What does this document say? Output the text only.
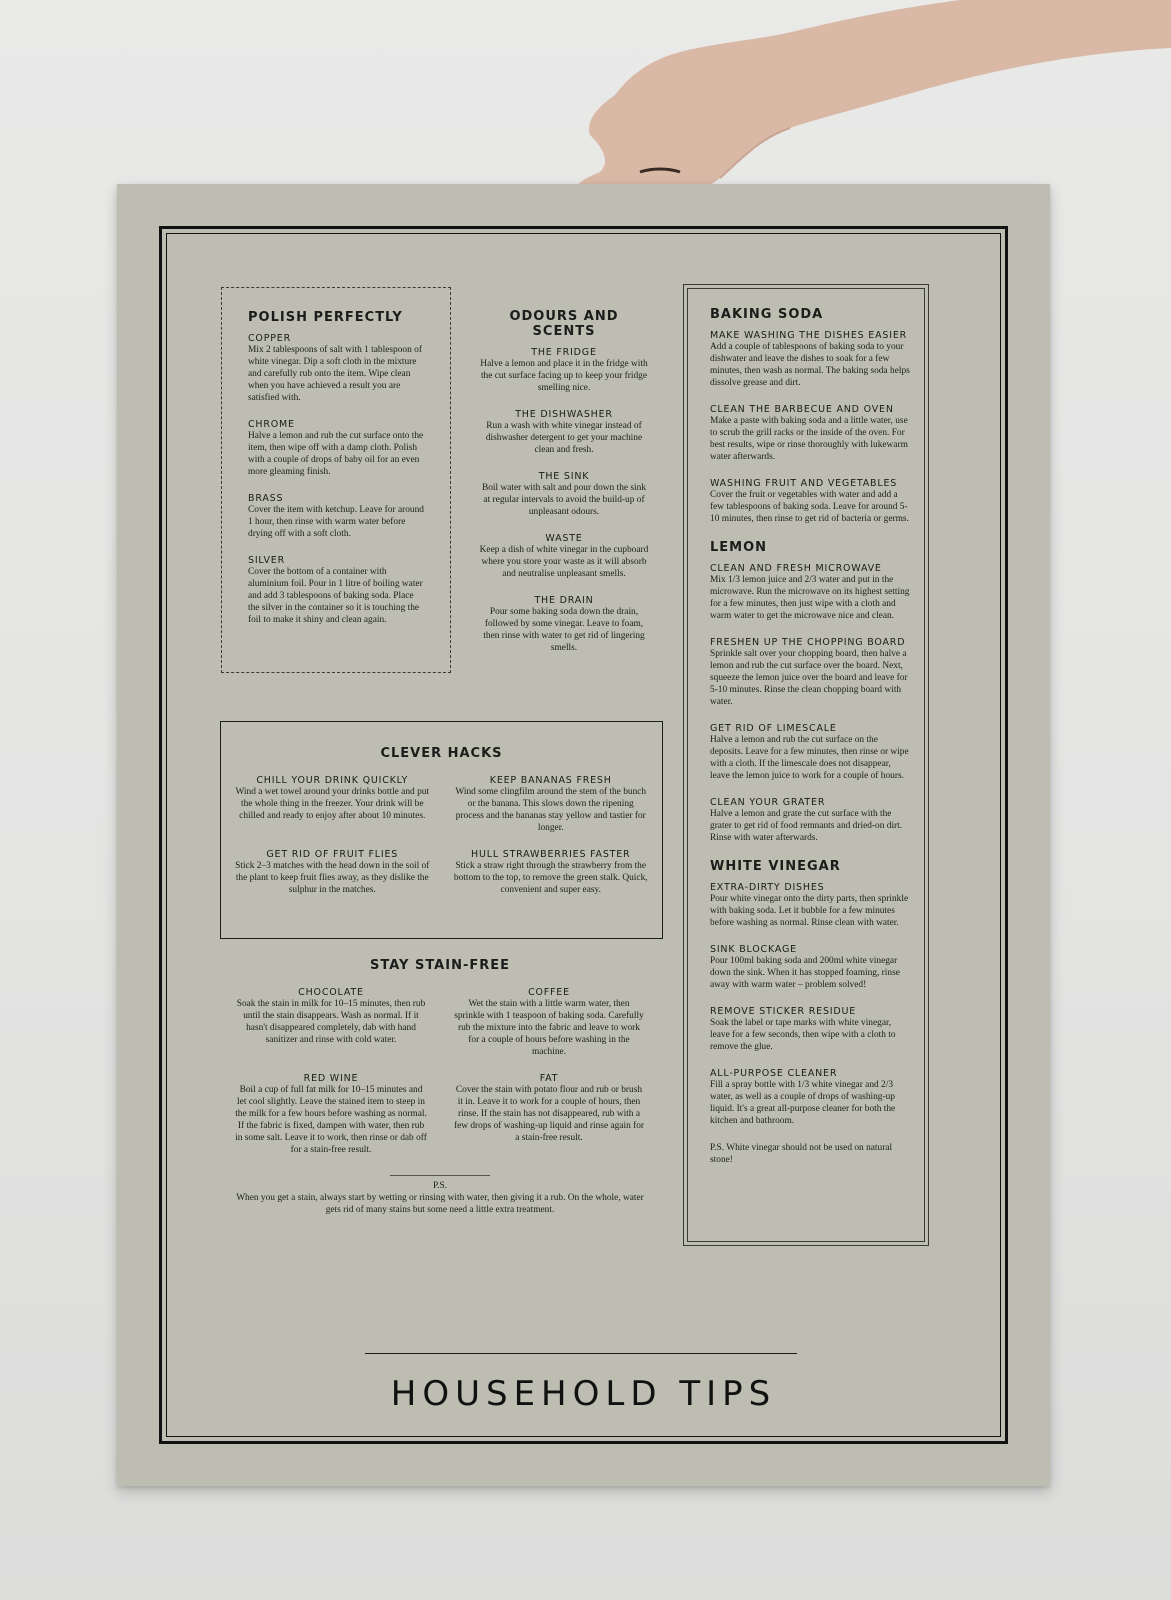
POLISH PERFECTLY
COPPER
Mix 2 tablespoons of salt with 1 tablespoon of white vinegar. Dip a soft cloth in the mixture and carefully rub onto the item. Wipe clean when you have achieved a result you are satisfied with.
CHROME
Halve a lemon and rub the cut surface onto the item, then wipe off with a damp cloth. Polish with a couple of drops of baby oil for an even more gleaming finish.
BRASS
Cover the item with ketchup. Leave for around 1 hour, then rinse with warm water before drying off with a soft cloth.
SILVER
Cover the bottom of a container with aluminium foil. Pour in 1 litre of boiling water and add 3 tablespoons of baking soda. Place the silver in the container so it is touching the foil to make it shiny and clean again.
ODOURS AND SCENTS
THE FRIDGE
Halve a lemon and place it in the fridge with the cut surface facing up to keep your fridge smelling nice.
THE DISHWASHER
Run a wash with white vinegar instead of dishwasher detergent to get your machine clean and fresh.
THE SINK
Boil water with salt and pour down the sink at regular intervals to avoid the build-up of unpleasant odours.
WASTE
Keep a dish of white vinegar in the cupboard where you store your waste as it will absorb and neutralise unpleasant smells.
THE DRAIN
Pour some baking soda down the drain, followed by some vinegar. Leave to foam, then rinse with water to get rid of lingering smells.
CLEVER HACKS
CHILL YOUR DRINK QUICKLY
Wind a wet towel around your drinks bottle and put the whole thing in the freezer. Your drink will be chilled and ready to enjoy after about 10 minutes.
KEEP BANANAS FRESH
Wind some clingfilm around the stem of the bunch or the banana. This slows down the ripening process and the bananas stay yellow and tastier for longer.
GET RID OF FRUIT FLIES
Stick 2–3 matches with the head down in the soil of the plant to keep fruit flies away, as they dislike the sulphur in the matches.
HULL STRAWBERRIES FASTER
Stick a straw right through the strawberry from the bottom to the top, to remove the green stalk. Quick, convenient and super easy.
STAY STAIN-FREE
CHOCOLATE
Soak the stain in milk for 10–15 minutes, then rub until the stain disappears. Wash as normal. If it hasn't disappeared completely, dab with hand sanitizer and rinse with cold water.
COFFEE
Wet the stain with a little warm water, then sprinkle with 1 teaspoon of baking soda. Carefully rub the mixture into the fabric and leave to work for a couple of hours before washing in the machine.
RED WINE
Boil a cup of full fat milk for 10–15 minutes and let cool slightly. Leave the stained item to steep in the milk for a few hours before washing as normal. If the fabric is fixed, dampen with water, then rub in some salt. Leave it to work, then rinse or dab off for a stain-free result.
FAT
Cover the stain with potato flour and rub or brush it in. Leave it to work for a couple of hours, then rinse. If the stain has not disappeared, rub with a few drops of washing-up liquid and rinse again for a stain-free result.
P.S.
When you get a stain, always start by wetting or rinsing with water, then giving it a rub. On the whole, water gets rid of many stains but some need a little extra treatment.
BAKING SODA
MAKE WASHING THE DISHES EASIER
Add a couple of tablespoons of baking soda to your dishwater and leave the dishes to soak for a few minutes, then wash as normal. The baking soda helps dissolve grease and dirt.
CLEAN THE BARBECUE AND OVEN
Make a paste with baking soda and a little water, use to scrub the grill racks or the inside of the oven. For best results, wipe or rinse thoroughly with lukewarm water afterwards.
WASHING FRUIT AND VEGETABLES
Cover the fruit or vegetables with water and add a few tablespoons of baking soda. Leave for around 5-10 minutes, then rinse to get rid of bacteria or germs.
LEMON
CLEAN AND FRESH MICROWAVE
Mix 1/3 lemon juice and 2/3 water and put in the microwave. Run the microwave on its highest setting for a few minutes, then just wipe with a cloth and warm water to get the microwave nice and clean.
FRESHEN UP THE CHOPPING BOARD
Sprinkle salt over your chopping board, then halve a lemon and rub the cut surface over the board. Next, squeeze the lemon juice over the board and leave for 5-10 minutes. Rinse the clean chopping board with water.
GET RID OF LIMESCALE
Halve a lemon and rub the cut surface on the deposits. Leave for a few minutes, then rinse or wipe with a cloth. If the limescale does not disappear, leave the lemon juice to work for a couple of hours.
CLEAN YOUR GRATER
Halve a lemon and grate the cut surface with the grater to get rid of food remnants and dried-on dirt. Rinse with water afterwards.
WHITE VINEGAR
EXTRA-DIRTY DISHES
Pour white vinegar onto the dirty parts, then sprinkle with baking soda. Let it bubble for a few minutes before washing as normal. Rinse clean with water.
SINK BLOCKAGE
Pour 100ml baking soda and 200ml white vinegar down the sink. When it has stopped foaming, rinse away with warm water – problem solved!
REMOVE STICKER RESIDUE
Soak the label or tape marks with white vinegar, leave for a few seconds, then wipe with a cloth to remove the glue.
ALL-PURPOSE CLEANER
Fill a spray bottle with 1/3 white vinegar and 2/3 water, as well as a couple of drops of washing-up liquid. It's a great all-purpose cleaner for both the kitchen and bathroom.
P.S. White vinegar should not be used on natural stone!
HOUSEHOLD TIPS
